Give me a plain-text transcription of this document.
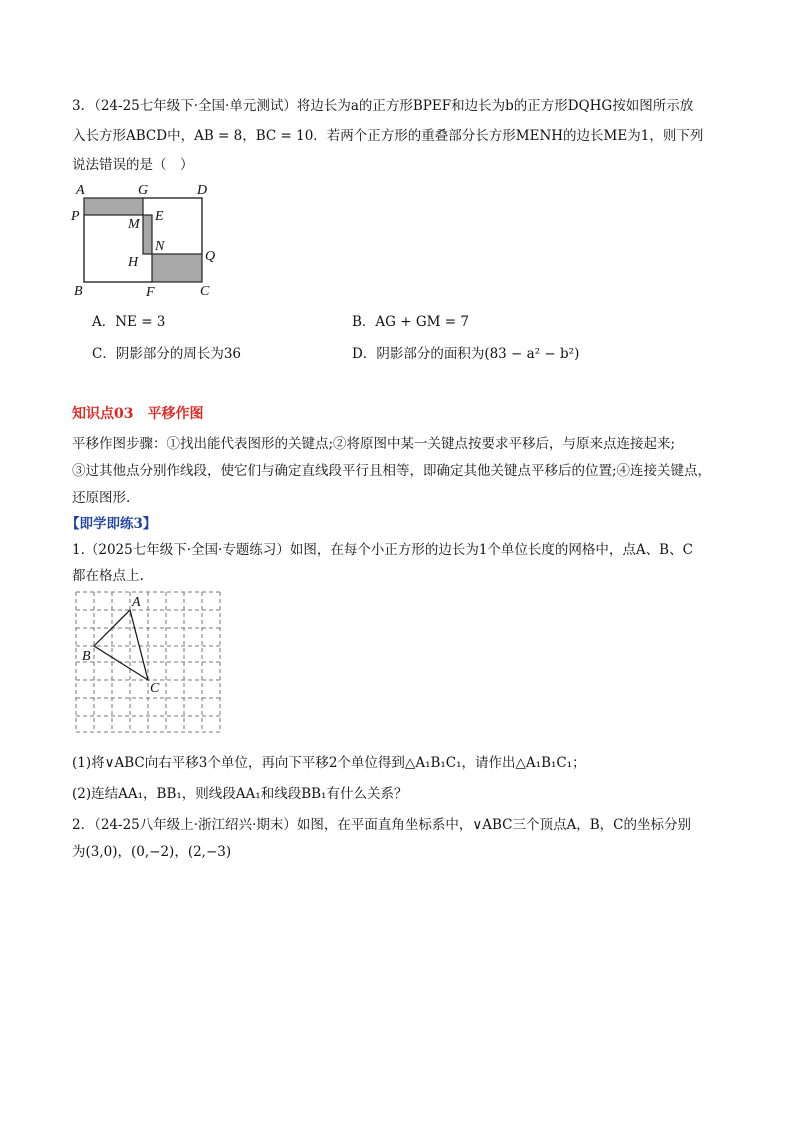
3．（24-25七年级下·全国·单元测试）将边长为a的正方形BPEF和边长为b的正方形DQHG按如图所示放
入长方形ABCD中，AB = 8，BC = 10．若两个正方形的重叠部分长方形MENH的边长ME为1，则下列
说法错误的是（　）
A	G	D
P	E
M
N
H	Q
B	F	C
A．NE = 3	B．AG + GM = 7
C．阴影部分的周长为36	D．阴影部分的面积为(83 − a² − b²)
知识点03　平移作图
平移作图步骤：①找出能代表图形的关键点;②将原图中某一关键点按要求平移后，与原来点连接起来;
③过其他点分别作线段，使它们与确定直线段平行且相等，即确定其他关键点平移后的位置;④连接关键点，
还原图形.
【即学即练3】
1.（2025七年级下·全国·专题练习）如图，在每个小正方形的边长为1个单位长度的网格中，点A、B、C
都在格点上.
A
B
C
(1)将∨ABC向右平移3个单位，再向下平移2个单位得到△A₁B₁C₁，请作出△A₁B₁C₁；
(2)连结AA₁，BB₁，则线段AA₁和线段BB₁有什么关系？
2．（24-25八年级上·浙江绍兴·期末）如图，在平面直角坐标系中，∨ABC三个顶点A，B，C的坐标分别
为(3,0)，(0,−2)，(2,−3)
